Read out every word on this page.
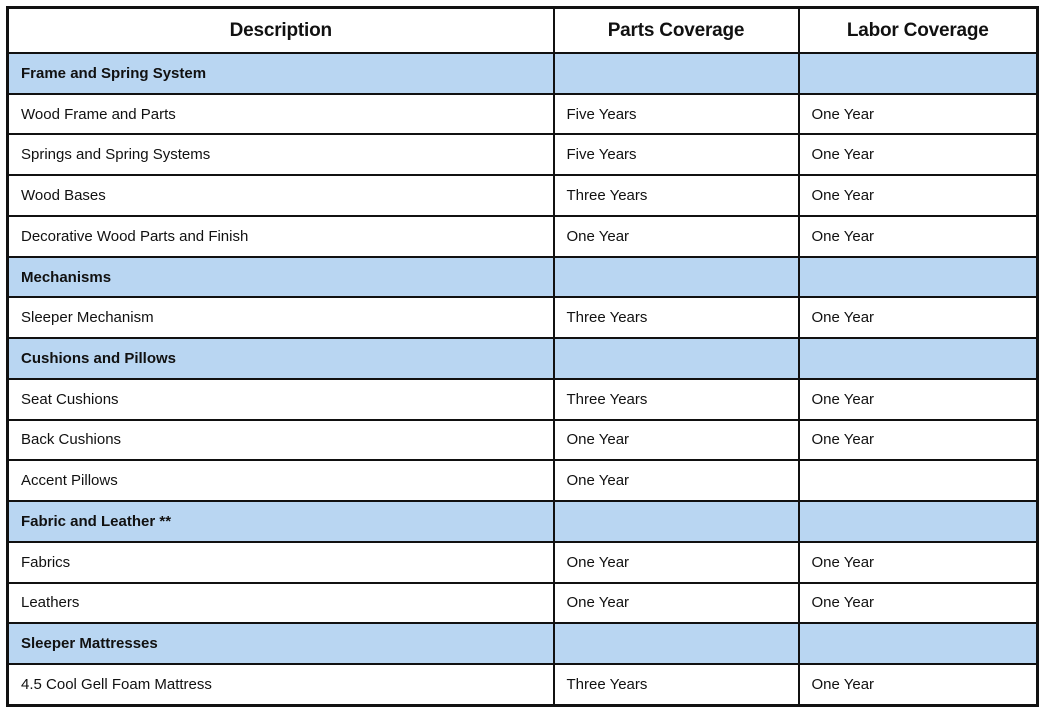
Description	Parts Coverage	Labor Coverage
Frame and Spring System		
Wood Frame and Parts	Five Years	One Year
Springs and Spring Systems	Five Years	One Year
Wood Bases	Three Years	One Year
Decorative Wood Parts and Finish	One Year	One Year
Mechanisms		
Sleeper Mechanism	Three Years	One Year
Cushions and Pillows		
Seat Cushions	Three Years	One Year
Back Cushions	One Year	One Year
Accent Pillows	One Year	
Fabric and Leather **		
Fabrics	One Year	One Year
Leathers	One Year	One Year
Sleeper Mattresses		
4.5 Cool Gell Foam Mattress	Three Years	One Year
